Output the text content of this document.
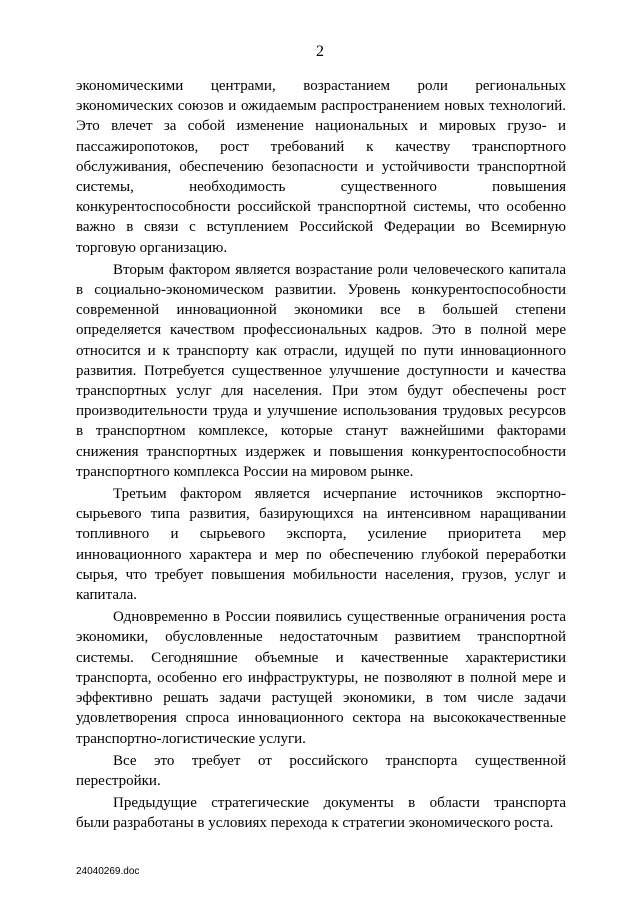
2

экономическими центрами, возрастанием роли региональных
экономических союзов и ожидаемым распространением новых технологий.
Это влечет за собой изменение национальных и мировых грузо- и
пассажиропотоков, рост требований к качеству транспортного
обслуживания, обеспечению безопасности и устойчивости транспортной
системы, необходимость существенного повышения
конкурентоспособности российской транспортной системы, что особенно
важно в связи с вступлением Российской Федерации во Всемирную
торговую организацию.

Вторым фактором является возрастание роли человеческого капитала
в социально-экономическом развитии. Уровень конкурентоспособности
современной инновационной экономики все в большей степени
определяется качеством профессиональных кадров. Это в полной мере
относится и к транспорту как отрасли, идущей по пути инновационного
развития. Потребуется существенное улучшение доступности и качества
транспортных услуг для населения. При этом будут обеспечены рост
производительности труда и улучшение использования трудовых ресурсов
в транспортном комплексе, которые станут важнейшими факторами
снижения транспортных издержек и повышения конкурентоспособности
транспортного комплекса России на мировом рынке.

Третьим фактором является исчерпание источников экспортно-
сырьевого типа развития, базирующихся на интенсивном наращивании
топливного и сырьевого экспорта, усиление приоритета мер
инновационного характера и мер по обеспечению глубокой переработки
сырья, что требует повышения мобильности населения, грузов, услуг и
капитала.

Одновременно в России появились существенные ограничения роста
экономики, обусловленные недостаточным развитием транспортной
системы. Сегодняшние объемные и качественные характеристики
транспорта, особенно его инфраструктуры, не позволяют в полной мере и
эффективно решать задачи растущей экономики, в том числе задачи
удовлетворения спроса инновационного сектора на высококачественные
транспортно-логистические услуги.

Все это требует от российского транспорта существенной
перестройки.

Предыдущие стратегические документы в области транспорта
были разработаны в условиях перехода к стратегии экономического роста.

24040269.doc
